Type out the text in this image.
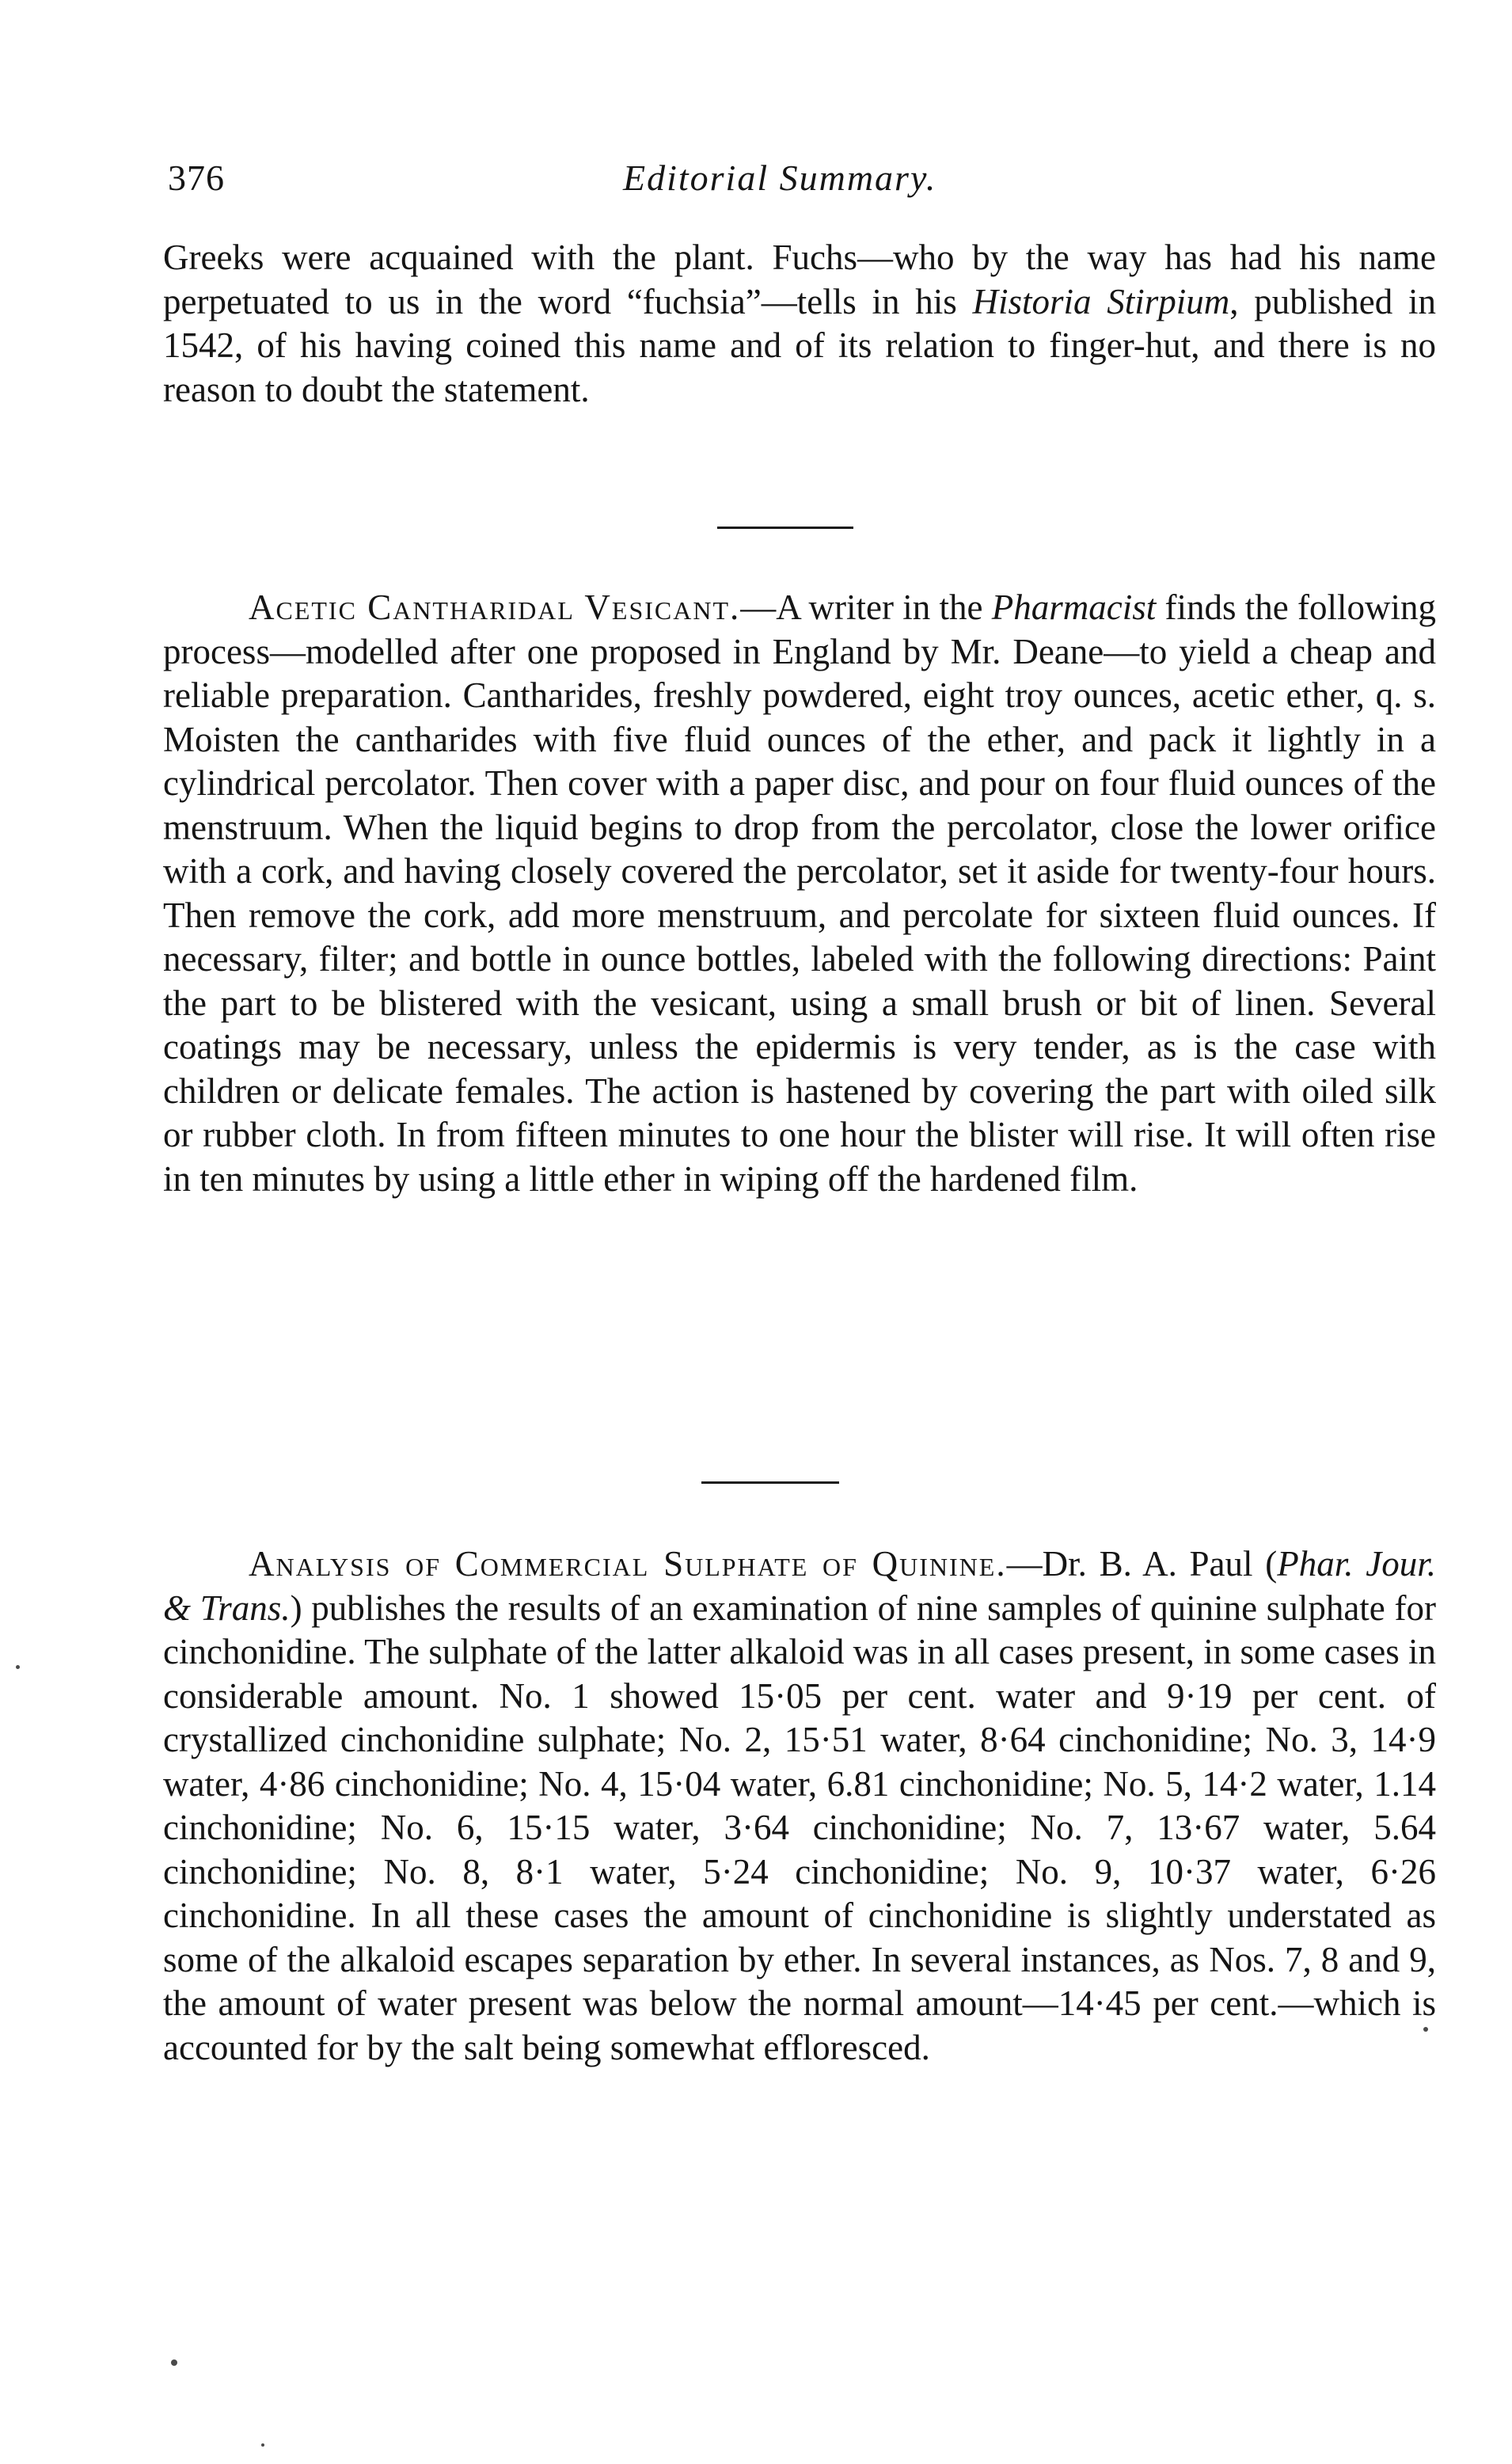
376	Editorial Summary.

Greeks were acquained with the plant. Fuchs—who by the way has had his name perpetuated to us in the word “fuchsia”—tells in his Historia Stirpium, published in 1542, of his having coined this name and of its relation to finger-hut, and there is no reason to doubt the statement.

Acetic Cantharidal Vesicant.—A writer in the Pharmacist finds the following process—modelled after one proposed in England by Mr. Deane—to yield a cheap and reliable preparation. Cantharides, freshly powdered, eight troy ounces, acetic ether, q. s. Moisten the cantharides with five fluid ounces of the ether, and pack it lightly in a cylindrical percolator. Then cover with a paper disc, and pour on four fluid ounces of the menstruum. When the liquid begins to drop from the percolator, close the lower orifice with a cork, and having closely covered the percolator, set it aside for twenty-four hours. Then remove the cork, add more menstruum, and percolate for sixteen fluid ounces. If necessary, filter; and bottle in ounce bottles, labeled with the following directions: Paint the part to be blistered with the vesicant, using a small brush or bit of linen. Several coatings may be necessary, unless the epidermis is very tender, as is the case with children or delicate females. The action is hastened by covering the part with oiled silk or rubber cloth. In from fifteen minutes to one hour the blister will rise. It will often rise in ten minutes by using a little ether in wiping off the hardened film.

Analysis of Commercial Sulphate of Quinine.—Dr. B. A. Paul (Phar. Jour. & Trans.) publishes the results of an examination of nine samples of quinine sulphate for cinchonidine. The sulphate of the latter alkaloid was in all cases present, in some cases in considerable amount. No. 1 showed 15·05 per cent. water and 9·19 per cent. of crystallized cinchonidine sulphate; No. 2, 15·51 water, 8·64 cinchonidine; No. 3, 14·9 water, 4·86 cinchonidine; No. 4, 15·04 water, 6.81 cinchonidine; No. 5, 14·2 water, 1.14 cinchonidine; No. 6, 15·15 water, 3·64 cinchonidine; No. 7, 13·67 water, 5.64 cinchonidine; No. 8, 8·1 water, 5·24 cinchonidine; No. 9, 10·37 water, 6·26 cinchonidine. In all these cases the amount of cinchonidine is slightly understated as some of the alkaloid escapes separation by ether. In several instances, as Nos. 7, 8 and 9, the amount of water present was below the normal amount—14·45 per cent.—which is accounted for by the salt being somewhat effloresced.
